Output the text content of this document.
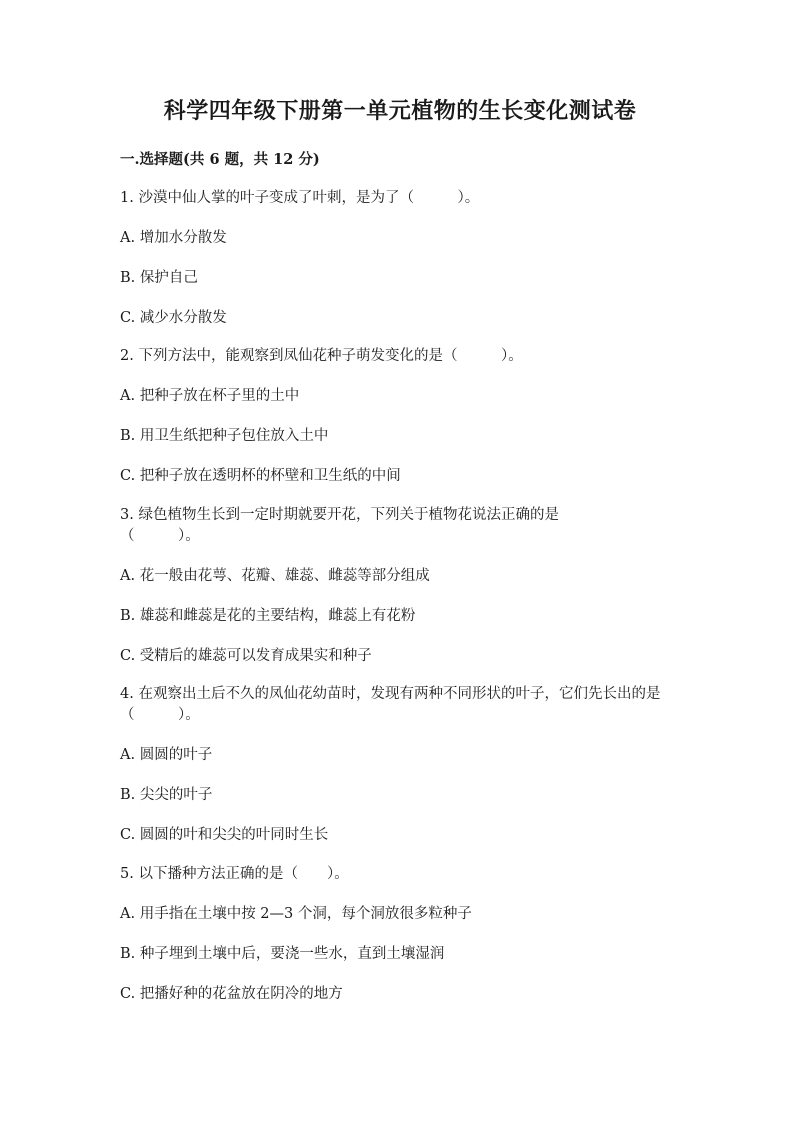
科学四年级下册第一单元植物的生长变化测试卷
一.选择题(共 6 题，共 12 分)
1. 沙漠中仙人掌的叶子变成了叶刺，是为了（　　　）。
A. 增加水分散发
B. 保护自己
C. 减少水分散发
2. 下列方法中，能观察到凤仙花种子萌发变化的是（　　　）。
A. 把种子放在杯子里的土中
B. 用卫生纸把种子包住放入土中
C. 把种子放在透明杯的杯壁和卫生纸的中间
3. 绿色植物生长到一定时期就要开花，下列关于植物花说法正确的是（　　　）。
A. 花一般由花萼、花瓣、雄蕊、雌蕊等部分组成
B. 雄蕊和雌蕊是花的主要结构，雌蕊上有花粉
C. 受精后的雄蕊可以发育成果实和种子
4. 在观察出土后不久的凤仙花幼苗时，发现有两种不同形状的叶子，它们先长出的是（　　　）。
A. 圆圆的叶子
B. 尖尖的叶子
C. 圆圆的叶和尖尖的叶同时生长
5. 以下播种方法正确的是（　　）。
A. 用手指在土壤中按 2—3 个洞，每个洞放很多粒种子
B. 种子埋到土壤中后，要浇一些水，直到土壤湿润
C. 把播好种的花盆放在阴冷的地方
